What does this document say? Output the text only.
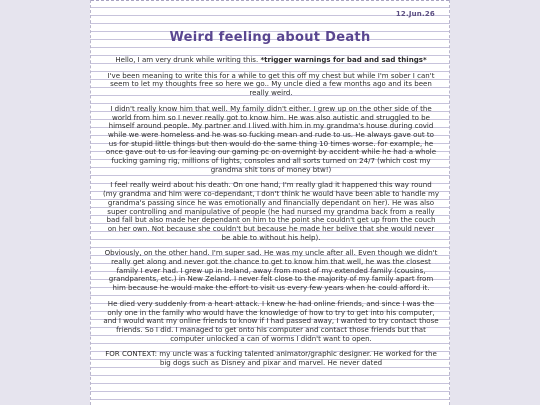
12.Jun.26
Weird feeling about Death

Hello, I am very drunk while writing this. *trigger warnings for bad and sad things*

I've been meaning to write this for a while to get this off my chest but while I'm sober I can't seem to let my thoughts free so here we go.. My uncle died a few months ago and its been really weird.

I didn't really know him that well. My family didn't either. I grew up on the other side of the world from him so I never really got to know him. He was also autistic and struggled to be himself around people. My partner and I lived with him in my grandma's house during covid while we were homeless and he was so fucking mean and rude to us. He always gave out to us for stupid little things but then would do the same thing 10 times worse. for example, he once gave out to us for leaving our gaming pc on overnight by accident while he had a whole fucking gaming rig, millions of lights, consoles and all sorts turned on 24/7 (which cost my grandma shit tons of money btw!)

I feel really weird about his death. On one hand, I'm really glad it happened this way round (my grandma and him were co-dependant, I don't think he would have been able to handle my grandma's passing since he was emotionally and financially dependant on her). He was also super controlling and manipulative of people (he had nursed my grandma back from a really bad fall but also made her dependant on him to the point she couldn't get up from the couch on her own. Not because she couldn't but because he made her belive that she would never be able to without his help).

Obviously, on the other hand. I'm super sad. He was my uncle after all. Even though we didn't really get along and never got the chance to get to know him that well, he was the closest family I ever had. I grew up in Ireland, away from most of my extended family (cousins, grandparents, etc.) in New Zeland. I never felt close to the majority of my family apart from him because he would make the effort to visit us every few years when he could afford it.

He died very suddenly from a heart attack. I knew he had online friends, and since I was the only one in the family who would have the knowledge of how to try to get into his computer, and I would want my online friends to know if I had passed away, I wanted to try contact those friends. So I did. I managed to get onto his computer and contact those friends but that computer unlocked a can of worms I didn't want to open.

FOR CONTEXT: my uncle was a fucking talented animator/graphic designer. He worked for the big dogs such as Disney and pixar and marvel. He never dated
